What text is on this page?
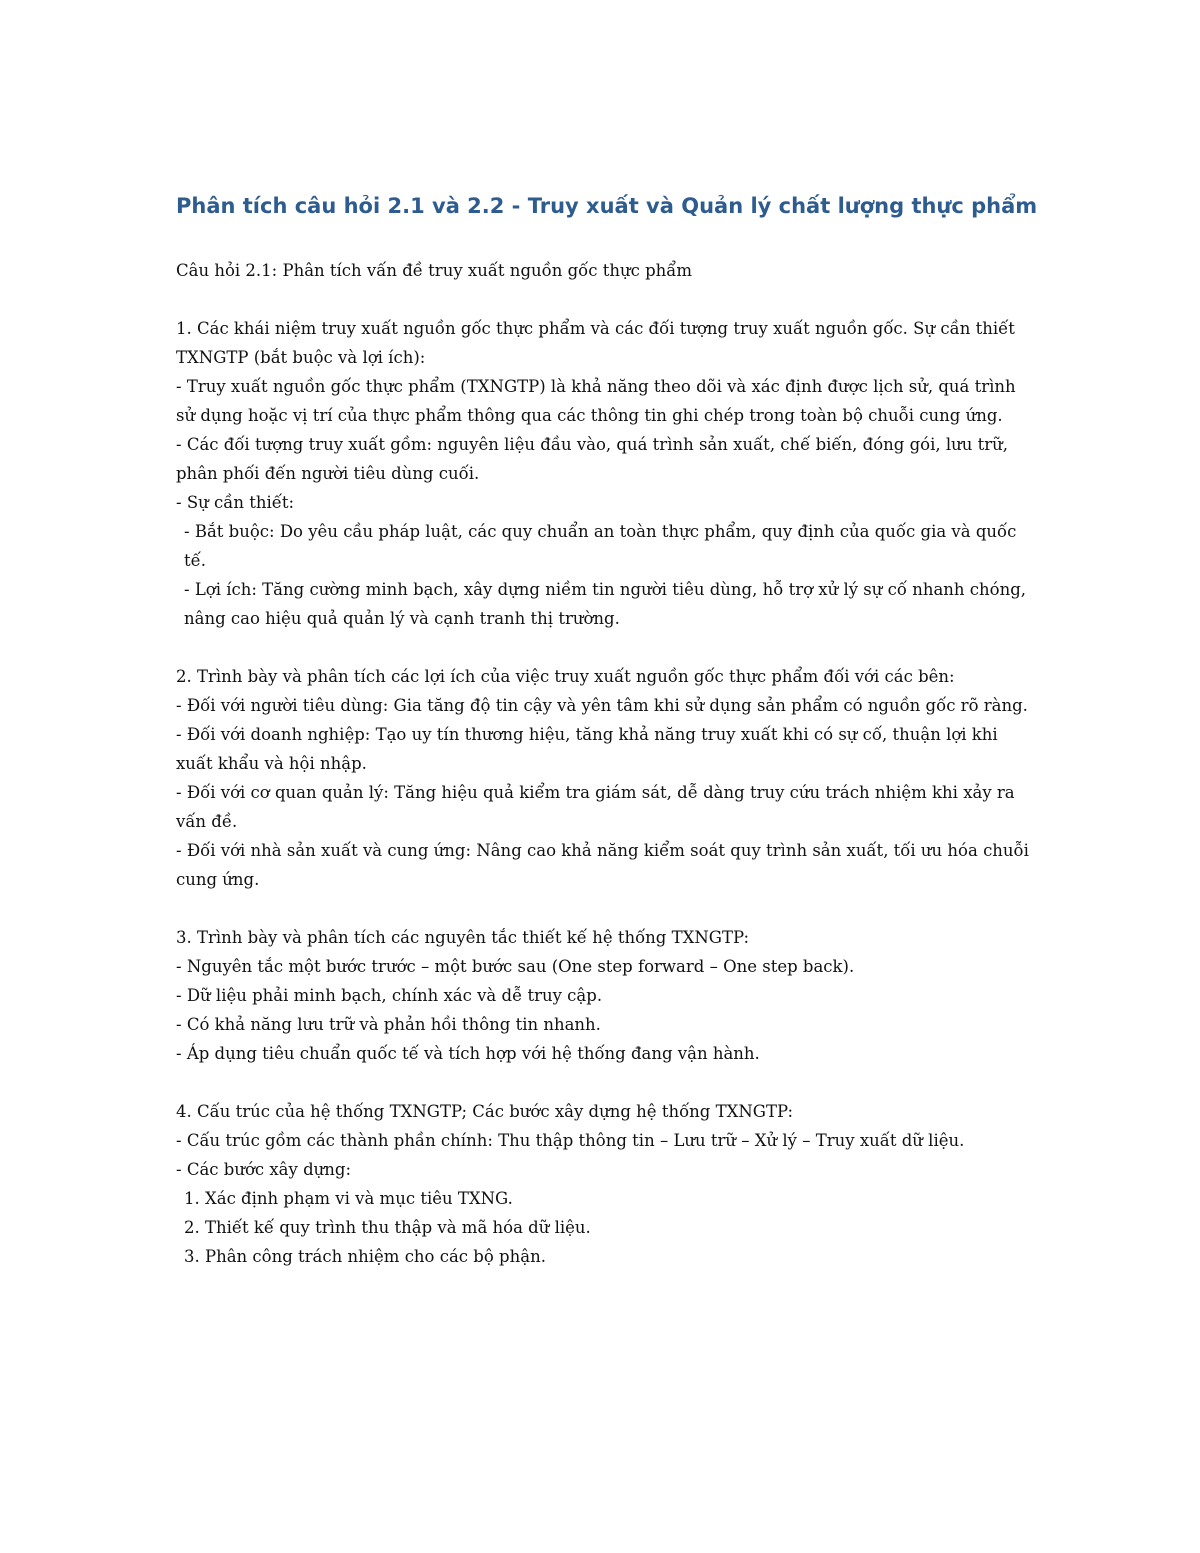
Phân tích câu hỏi 2.1 và 2.2 - Truy xuất và Quản lý chất lượng thực phẩm
Câu hỏi 2.1: Phân tích vấn đề truy xuất nguồn gốc thực phẩm
1. Các khái niệm truy xuất nguồn gốc thực phẩm và các đối tượng truy xuất nguồn gốc. Sự cần thiết TXNGTP (bắt buộc và lợi ích):
- Truy xuất nguồn gốc thực phẩm (TXNGTP) là khả năng theo dõi và xác định được lịch sử, quá trình sử dụng hoặc vị trí của thực phẩm thông qua các thông tin ghi chép trong toàn bộ chuỗi cung ứng.
- Các đối tượng truy xuất gồm: nguyên liệu đầu vào, quá trình sản xuất, chế biến, đóng gói, lưu trữ, phân phối đến người tiêu dùng cuối.
- Sự cần thiết:
- Bắt buộc: Do yêu cầu pháp luật, các quy chuẩn an toàn thực phẩm, quy định của quốc gia và quốc tế.
- Lợi ích: Tăng cường minh bạch, xây dựng niềm tin người tiêu dùng, hỗ trợ xử lý sự cố nhanh chóng, nâng cao hiệu quả quản lý và cạnh tranh thị trường.
2. Trình bày và phân tích các lợi ích của việc truy xuất nguồn gốc thực phẩm đối với các bên:
- Đối với người tiêu dùng: Gia tăng độ tin cậy và yên tâm khi sử dụng sản phẩm có nguồn gốc rõ ràng.
- Đối với doanh nghiệp: Tạo uy tín thương hiệu, tăng khả năng truy xuất khi có sự cố, thuận lợi khi xuất khẩu và hội nhập.
- Đối với cơ quan quản lý: Tăng hiệu quả kiểm tra giám sát, dễ dàng truy cứu trách nhiệm khi xảy ra vấn đề.
- Đối với nhà sản xuất và cung ứng: Nâng cao khả năng kiểm soát quy trình sản xuất, tối ưu hóa chuỗi cung ứng.
3. Trình bày và phân tích các nguyên tắc thiết kế hệ thống TXNGTP:
- Nguyên tắc một bước trước – một bước sau (One step forward – One step back).
- Dữ liệu phải minh bạch, chính xác và dễ truy cập.
- Có khả năng lưu trữ và phản hồi thông tin nhanh.
- Áp dụng tiêu chuẩn quốc tế và tích hợp với hệ thống đang vận hành.
4. Cấu trúc của hệ thống TXNGTP; Các bước xây dựng hệ thống TXNGTP:
- Cấu trúc gồm các thành phần chính: Thu thập thông tin – Lưu trữ – Xử lý – Truy xuất dữ liệu.
- Các bước xây dựng:
1. Xác định phạm vi và mục tiêu TXNG.
2. Thiết kế quy trình thu thập và mã hóa dữ liệu.
3. Phân công trách nhiệm cho các bộ phận.
